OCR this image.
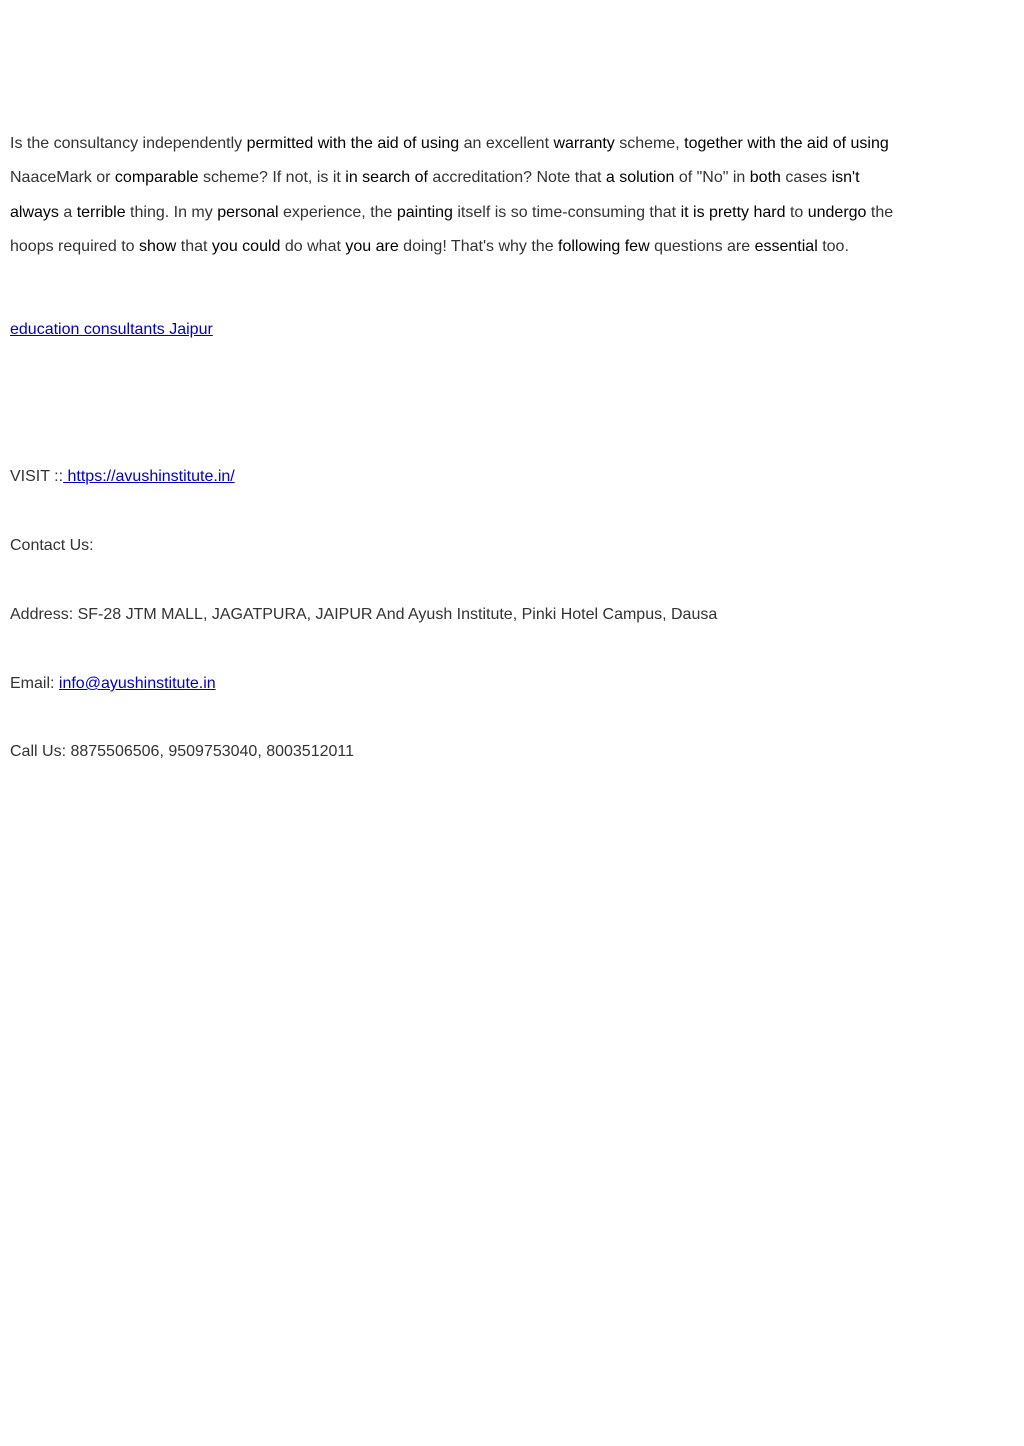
Is the consultancy independently permitted with the aid of using an excellent warranty scheme, together with the aid of using NaaceMark or comparable scheme? If not, is it in search of accreditation? Note that a solution of "No" in both cases isn't always a terrible thing. In my personal experience, the painting itself is so time-consuming that it is pretty hard to undergo the hoops required to show that you could do what you are doing! That's why the following few questions are essential too.

education consultants Jaipur

VISIT :: https://avushinstitute.in/

Contact Us:

Address: SF-28 JTM MALL, JAGATPURA, JAIPUR And Ayush Institute, Pinki Hotel Campus, Dausa

Email: info@ayushinstitute.in

Call Us: 8875506506, 9509753040, 8003512011
